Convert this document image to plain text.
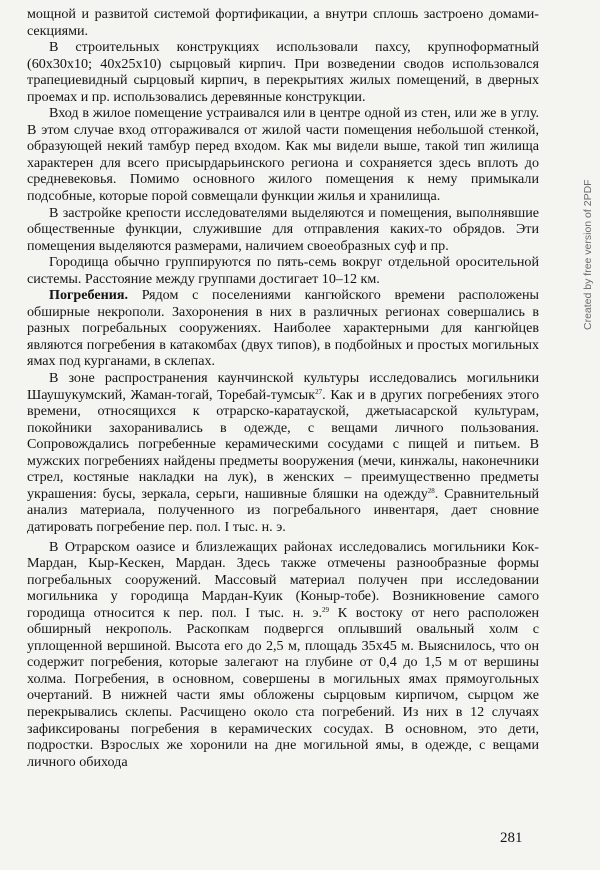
мощной и развитой системой фортификации, а внутри сплошь застроено домами-секциями.

В строительных конструкциях использовали пахсу, крупноформатный (60х30х10; 40х25х10) сырцовый кирпич. При возведении сводов использовался трапециевидный сырцовый кирпич, в перекрытиях жилых помещений, в дверных проемах и пр. использовались деревянные конструкции.

Вход в жилое помещение устраивался или в центре одной из стен, или же в углу. В этом случае вход отгораживался от жилой части помещения небольшой стенкой, образующей некий тамбур перед входом. Как мы видели выше, такой тип жилища характерен для всего присырдарьинского региона и сохраняется здесь вплоть до средневековья. Помимо основного жилого помещения к нему примыкали подсобные, которые порой совмещали функции жилья и хранилища.

В застройке крепости исследователями выделяются и помещения, выполнявшие общественные функции, служившие для отправления каких-то обрядов. Эти помещения выделяются размерами, наличием своеобразных суф и пр.

Городища обычно группируются по пять-семь вокруг отдельной оросительной системы. Расстояние между группами достигает 10–12 км.

Погребения. Рядом с поселениями кангюйского времени расположены обширные некрополи. Захоронения в них в различных регионах совершались в разных погребальных сооружениях. Наиболее характерными для кангюйцев являются погребения в катакомбах (двух типов), в подбойных и простых могильных ямах под курганами, в склепах.

В зоне распространения каунчинской культуры исследовались могильники Шаушукумский, Жаман-тогай, Торебай-тумсык$^{27}$. Как и в других погребениях этого времени, относящихся к отрарско-каратауской, джетыасарской культурам, покойники захоранивались в одежде, с вещами личного пользования. Сопровождались погребенные керамическими сосудами с пищей и питьем. В мужских погребениях найдены предметы вооружения (мечи, кинжалы, наконечники стрел, костяные накладки на лук), в женских – преимущественно предметы украшения: бусы, зеркала, серьги, нашивные бляшки на одежду$^{28}$. Сравнительный анализ материала, полученного из погребального инвентаря, дает сновние датировать погребение пер. пол. I тыс. н. э.

В Отрарском оазисе и близлежащих районах исследовались могильники Кок-Мардан, Кыр-Кескен, Мардан. Здесь также отмечены разнообразные формы погребальных сооружений. Массовый материал получен при исследовании могильника у городища Мардан-Куик (Коныр-тобе). Возникновение самого городища относится к пер. пол. I тыс. н. э.$^{29}$ К востоку от него расположен обширный некрополь. Раскопкам подвергся оплывший овальный холм с уплощенной вершиной. Высота его до 2,5 м, площадь 35х45 м. Выяснилось, что он содержит погребения, которые залегают на глубине от 0,4 до 1,5 м от вершины холма. Погребения, в основном, совершены в могильных ямах прямоугольных очертаний. В нижней части ямы обложены сырцовым кирпичом, сырцом же перекрывались склепы. Расчищено около ста погребений. Из них в 12 случаях зафиксированы погребения в керамических сосудах. В основном, это дети, подростки. Взрослых же хоронили на дне могильной ямы, в одежде, с вещами личного обихода

281
Created by free version of 2PDF
